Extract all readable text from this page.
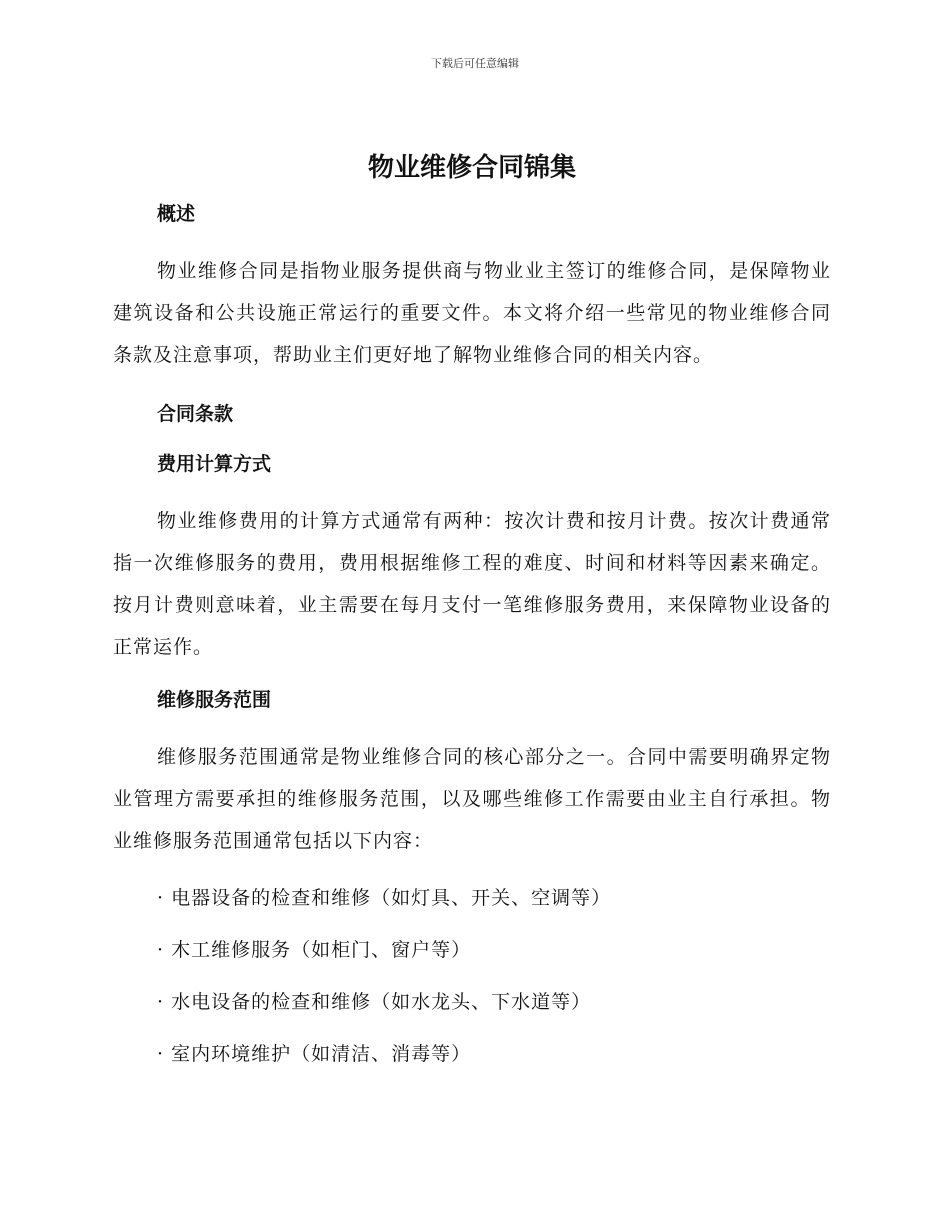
下载后可任意编辑
物业维修合同锦集
概述

物业维修合同是指物业服务提供商与物业业主签订的维修合同，是保障物业建筑设备和公共设施正常运行的重要文件。本文将介绍一些常见的物业维修合同条款及注意事项，帮助业主们更好地了解物业维修合同的相关内容。

合同条款
费用计算方式

物业维修费用的计算方式通常有两种：按次计费和按月计费。按次计费通常指一次维修服务的费用，费用根据维修工程的难度、时间和材料等因素来确定。按月计费则意味着，业主需要在每月支付一笔维修服务费用，来保障物业设备的正常运作。

维修服务范围

维修服务范围通常是物业维修合同的核心部分之一。合同中需要明确界定物业管理方需要承担的维修服务范围，以及哪些维修工作需要由业主自行承担。物业维修服务范围通常包括以下内容：

· 电器设备的检查和维修（如灯具、开关、空调等）
· 木工维修服务（如柜门、窗户等）
· 水电设备的检查和维修（如水龙头、下水道等）
· 室内环境维护（如清洁、消毒等）
